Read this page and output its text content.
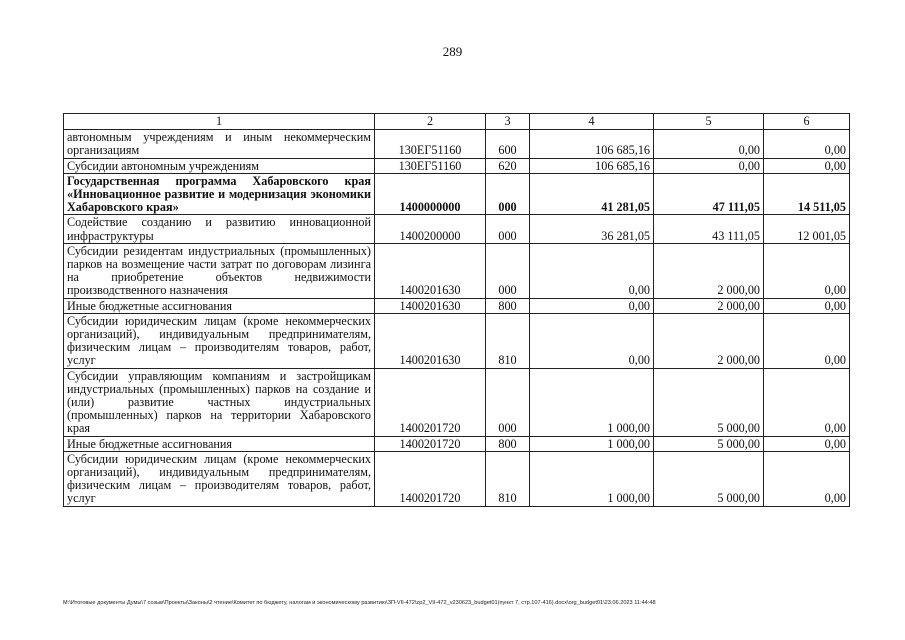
289
1	2	3	4	5	6
автономным учреждениям и иным некоммерческим организациям	130ЕГ51160	600	106 685,16	0,00	0,00
Субсидии автономным учреждениям	130ЕГ51160	620	106 685,16	0,00	0,00
Государственная программа Хабаровского края «Инновационное развитие и модернизация экономики Хабаровского края»	1400000000	000	41 281,05	47 111,05	14 511,05
Содействие созданию и развитию инновационной инфраструктуры	1400200000	000	36 281,05	43 111,05	12 001,05
Субсидии резидентам индустриальных (промышленных) парков на возмещение части затрат по договорам лизинга на приобретение объектов недвижимости производственного назначения	1400201630	000	0,00	2 000,00	0,00
Иные бюджетные ассигнования	1400201630	800	0,00	2 000,00	0,00
Субсидии юридическим лицам (кроме некоммерческих организаций), индивидуальным предпринимателям, физическим лицам – производителям товаров, работ, услуг	1400201630	810	0,00	2 000,00	0,00
Субсидии управляющим компаниям и застройщикам индустриальных (промышленных) парков на создание и (или) развитие частных индустриальных (промышленных) парков на территории Хабаровского края	1400201720	000	1 000,00	5 000,00	0,00
Иные бюджетные ассигнования	1400201720	800	1 000,00	5 000,00	0,00
Субсидии юридическим лицам (кроме некоммерческих организаций), индивидуальным предпринимателям, физическим лицам – производителям товаров, работ, услуг	1400201720	810	1 000,00	5 000,00	0,00
М:\Итоговые документы Думы\7 созыв\Проекты\Законы\2 чтение\Комитет по бюджету, налогам и экономическому развитию\ЗП-VII-472\zp2_VII-472_v230623_budget01(пункт 7, стр.107-416).docx\org_budget01\23.06.2023 11:44:48
